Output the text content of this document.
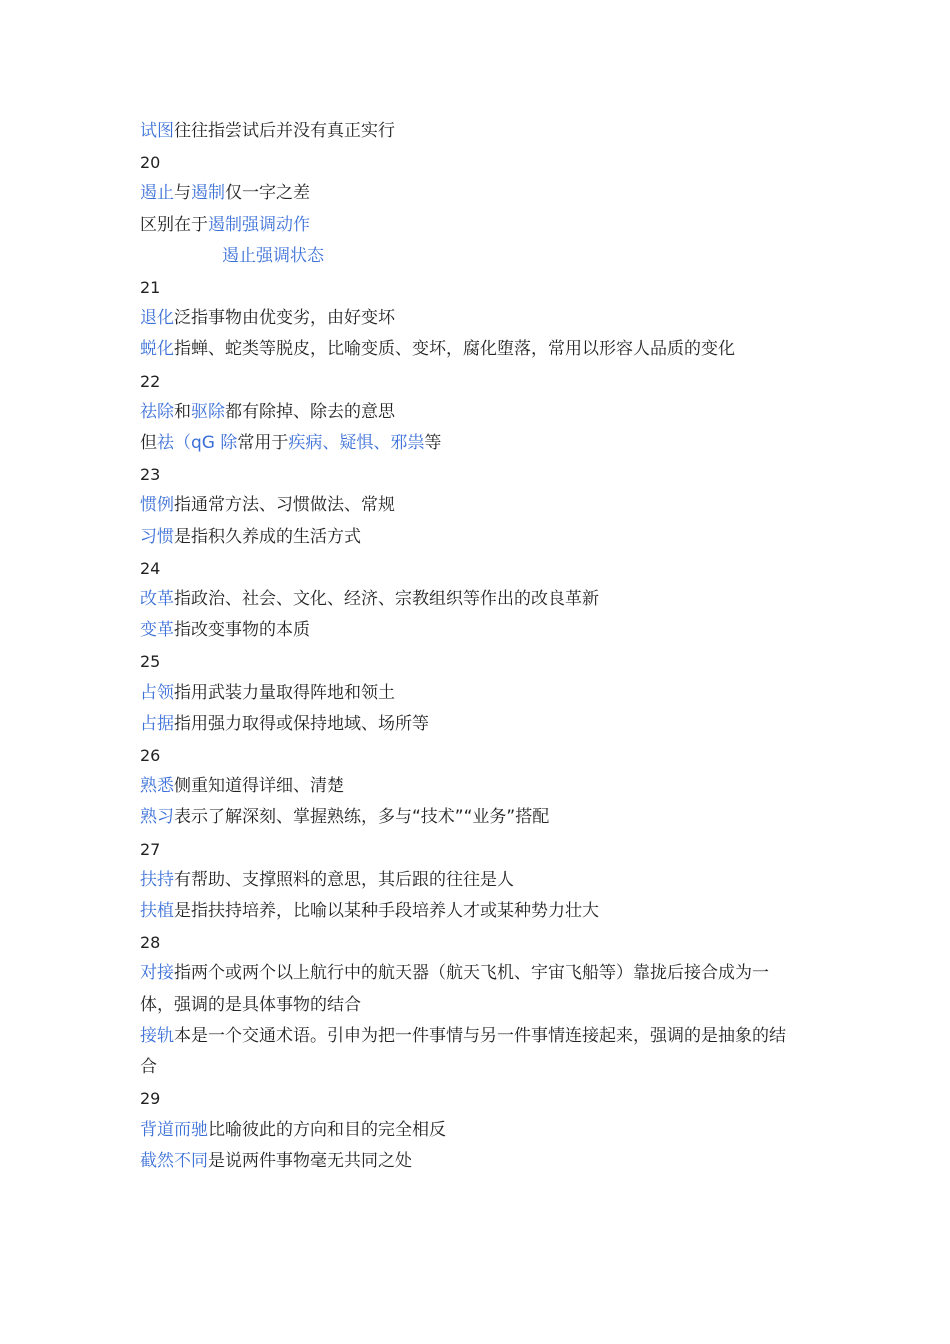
试图往往指尝试后并没有真正实行
20
遏止与遏制仅一字之差
区别在于遏制强调动作
遏止强调状态
21
退化泛指事物由优变劣，由好变坏
蜕化指蝉、蛇类等脱皮，比喻变质、变坏，腐化堕落，常用以形容人品质的变化
22
祛除和驱除都有除掉、除去的意思
但祛（qG 除常用于疾病、疑惧、邪祟等
23
惯例指通常方法、习惯做法、常规
习惯是指积久养成的生活方式
24
改革指政治、社会、文化、经济、宗教组织等作出的改良革新
变革指改变事物的本质
25
占领指用武装力量取得阵地和领土
占据指用强力取得或保持地域、场所等
26
熟悉侧重知道得详细、清楚
熟习表示了解深刻、掌握熟练，多与“技术”“业务”搭配
27
扶持有帮助、支撑照料的意思，其后跟的往往是人
扶植是指扶持培养，比喻以某种手段培养人才或某种势力壮大
28
对接指两个或两个以上航行中的航天器（航天飞机、宇宙飞船等）靠拢后接合成为一体，强调的是具体事物的结合
接轨本是一个交通术语。引申为把一件事情与另一件事情连接起来，强调的是抽象的结合
29
背道而驰比喻彼此的方向和目的完全相反
截然不同是说两件事物毫无共同之处
